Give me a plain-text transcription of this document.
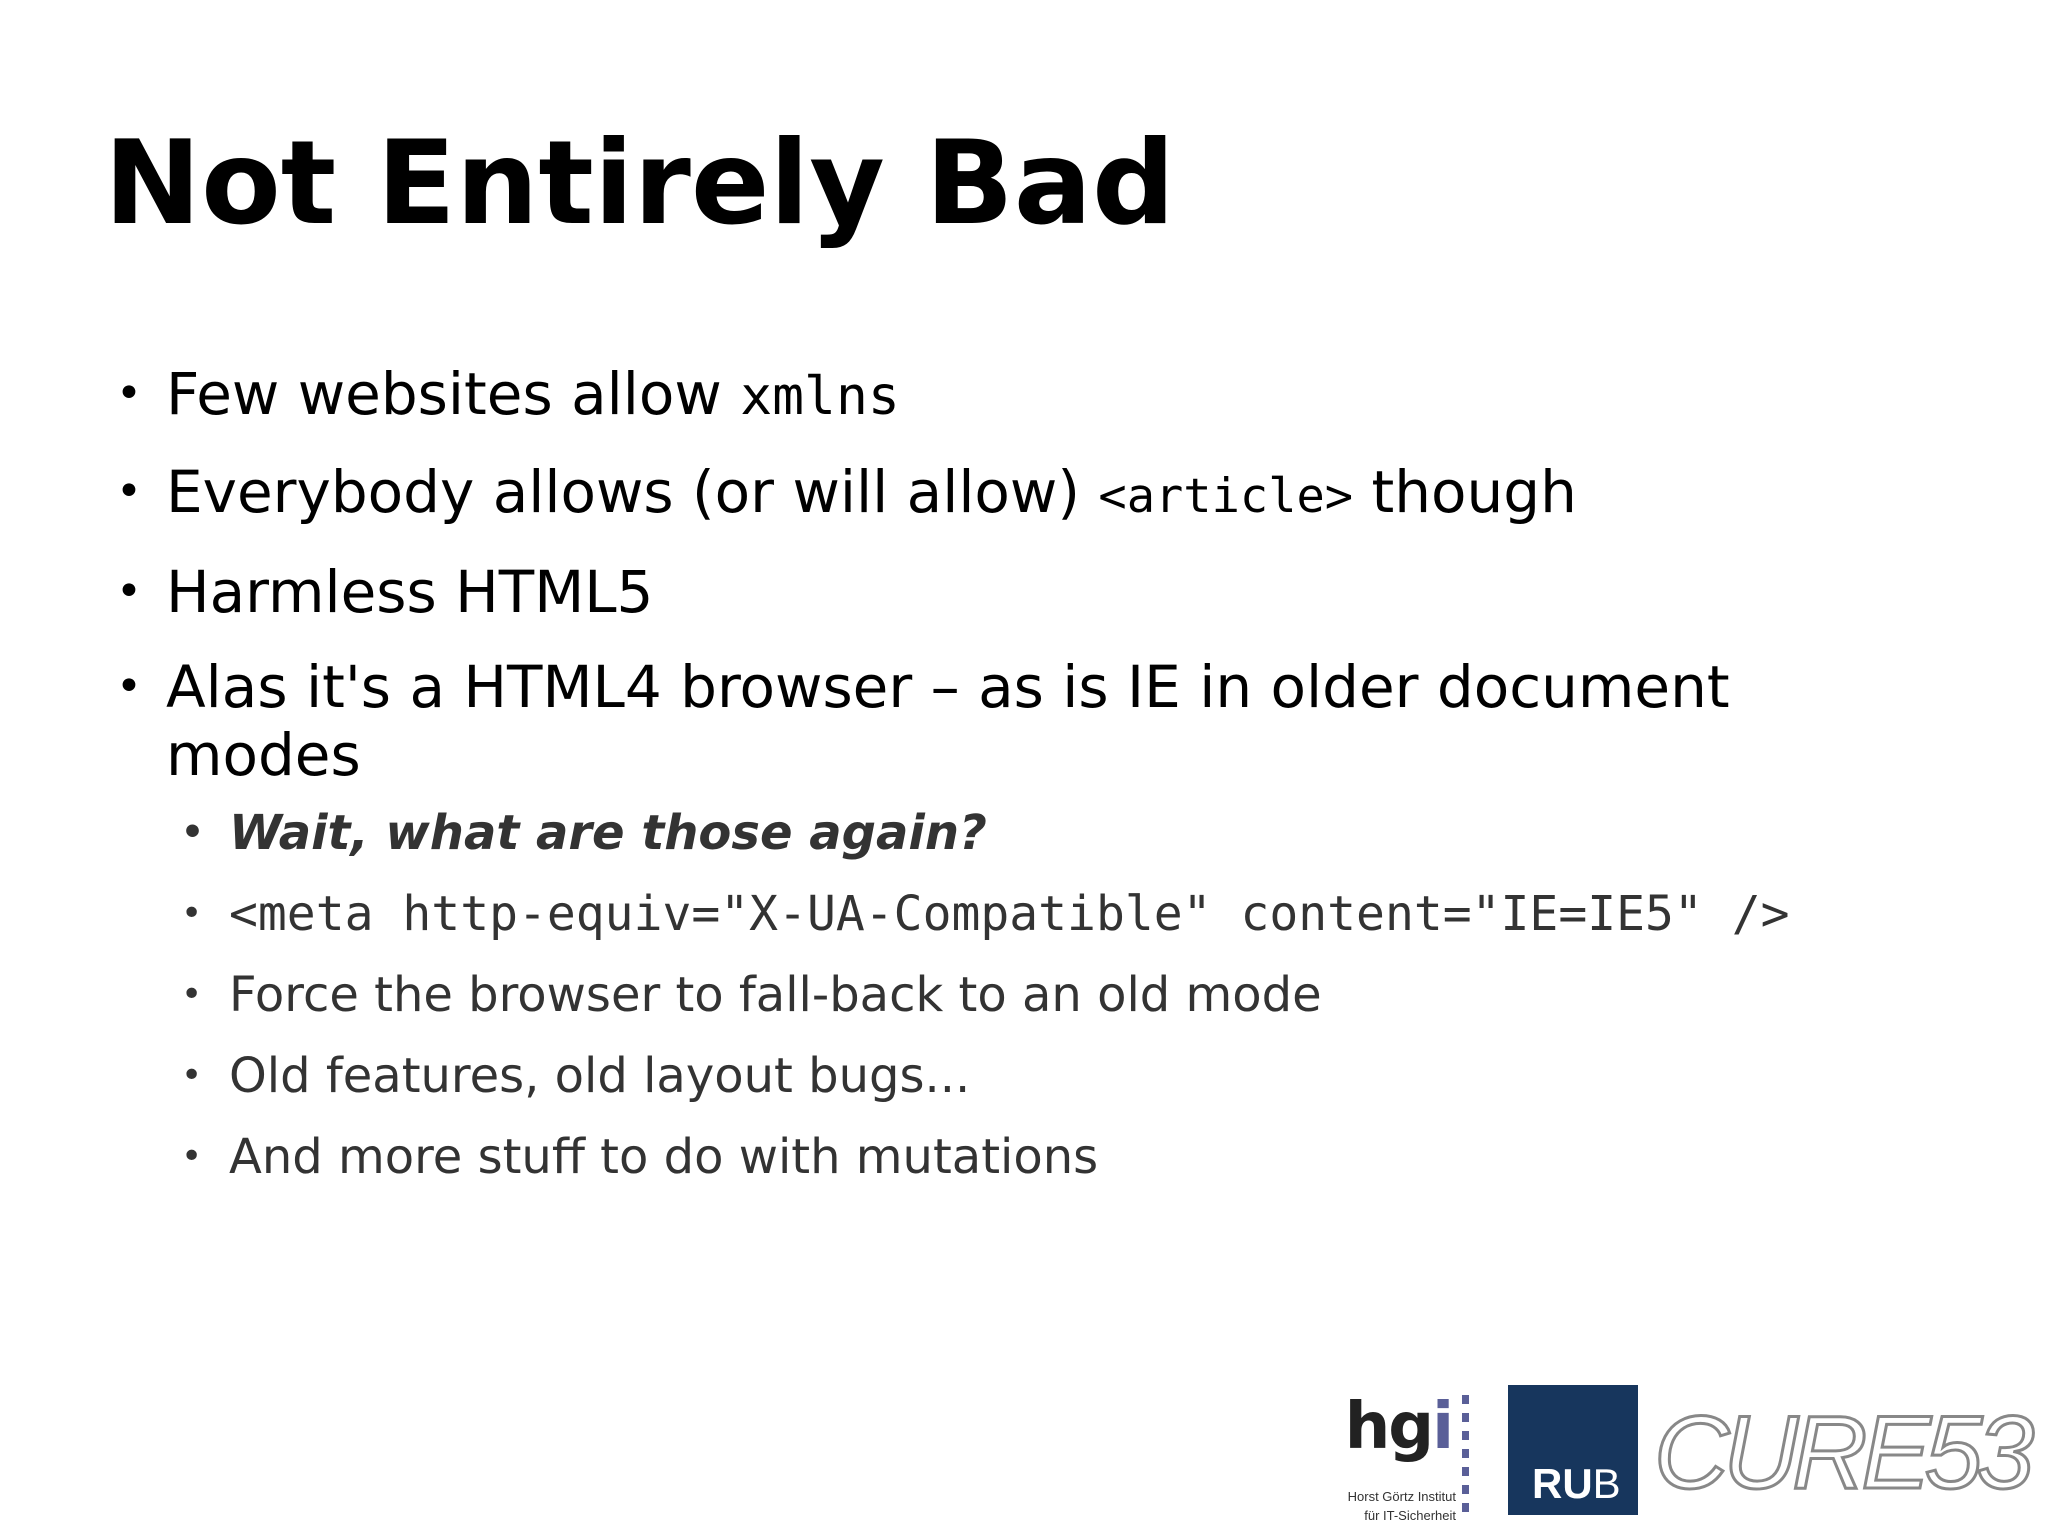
Not Entirely Bad
• Few websites allow xmlns
• Everybody allows (or will allow) <article> though
• Harmless HTML5
• Alas it's a HTML4 browser – as is IE in older document modes
• Wait, what are those again?
• <meta http-equiv="X-UA-Compatible" content="IE=IE5" />
• Force the browser to fall-back to an old mode
• Old features, old layout bugs...
• And more stuff to do with mutations
hgi
Horst Görtz Institut
für IT-Sicherheit
RUB CURE53
